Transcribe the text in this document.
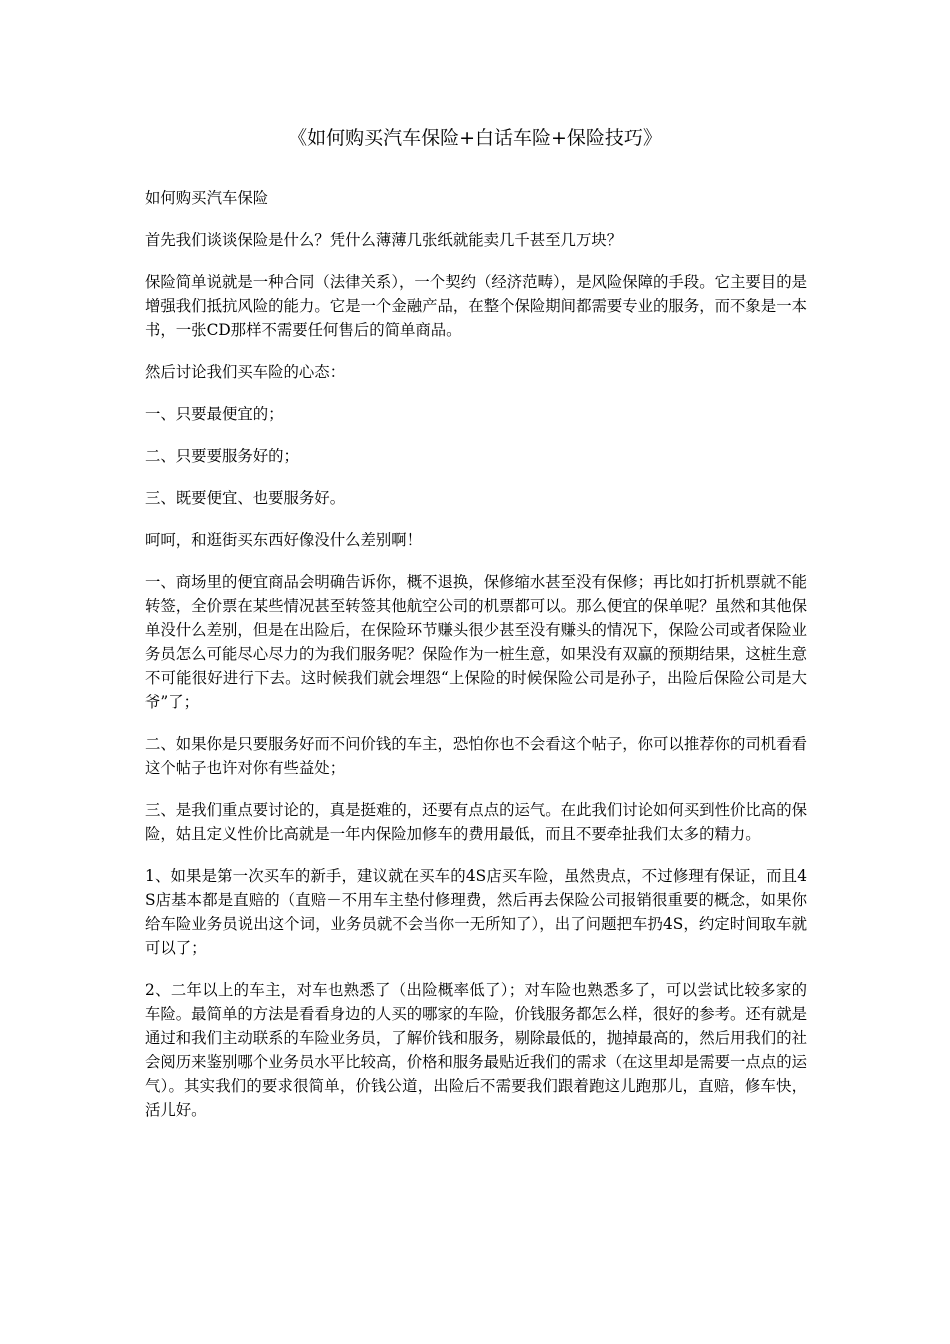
《如何购买汽车保险+白话车险+保险技巧》

如何购买汽车保险

首先我们谈谈保险是什么？凭什么薄薄几张纸就能卖几千甚至几万块？

保险简单说就是一种合同（法律关系），一个契约（经济范畴），是风险保障的手段。它主要目的是增强我们抵抗风险的能力。它是一个金融产品，在整个保险期间都需要专业的服务，而不象是一本书，一张CD那样不需要任何售后的简单商品。

然后讨论我们买车险的心态：

一、只要最便宜的；

二、只要要服务好的；

三、既要便宜、也要服务好。

呵呵，和逛街买东西好像没什么差别啊！

一、商场里的便宜商品会明确告诉你，概不退换，保修缩水甚至没有保修；再比如打折机票就不能转签，全价票在某些情况甚至转签其他航空公司的机票都可以。那么便宜的保单呢？虽然和其他保单没什么差别，但是在出险后，在保险环节赚头很少甚至没有赚头的情况下，保险公司或者保险业务员怎么可能尽心尽力的为我们服务呢？保险作为一桩生意，如果没有双赢的预期结果，这桩生意不可能很好进行下去。这时候我们就会埋怨“上保险的时候保险公司是孙子，出险后保险公司是大爷”了；

二、如果你是只要服务好而不问价钱的车主，恐怕你也不会看这个帖子，你可以推荐你的司机看看这个帖子也许对你有些益处；

三、是我们重点要讨论的，真是挺难的，还要有点点的运气。在此我们讨论如何买到性价比高的保险，姑且定义性价比高就是一年内保险加修车的费用最低，而且不要牵扯我们太多的精力。

1、如果是第一次买车的新手，建议就在买车的4S店买车险，虽然贵点，不过修理有保证，而且4S店基本都是直赔的（直赔－不用车主垫付修理费，然后再去保险公司报销很重要的概念，如果你给车险业务员说出这个词，业务员就不会当你一无所知了），出了问题把车扔4S，约定时间取车就可以了；

2、二年以上的车主，对车也熟悉了（出险概率低了）；对车险也熟悉多了，可以尝试比较多家的车险。最简单的方法是看看身边的人买的哪家的车险，价钱服务都怎么样，很好的参考。还有就是通过和我们主动联系的车险业务员，了解价钱和服务，剔除最低的，抛掉最高的，然后用我们的社会阅历来鉴别哪个业务员水平比较高，价格和服务最贴近我们的需求（在这里却是需要一点点的运气）。其实我们的要求很简单，价钱公道，出险后不需要我们跟着跑这儿跑那儿，直赔，修车快，活儿好。
